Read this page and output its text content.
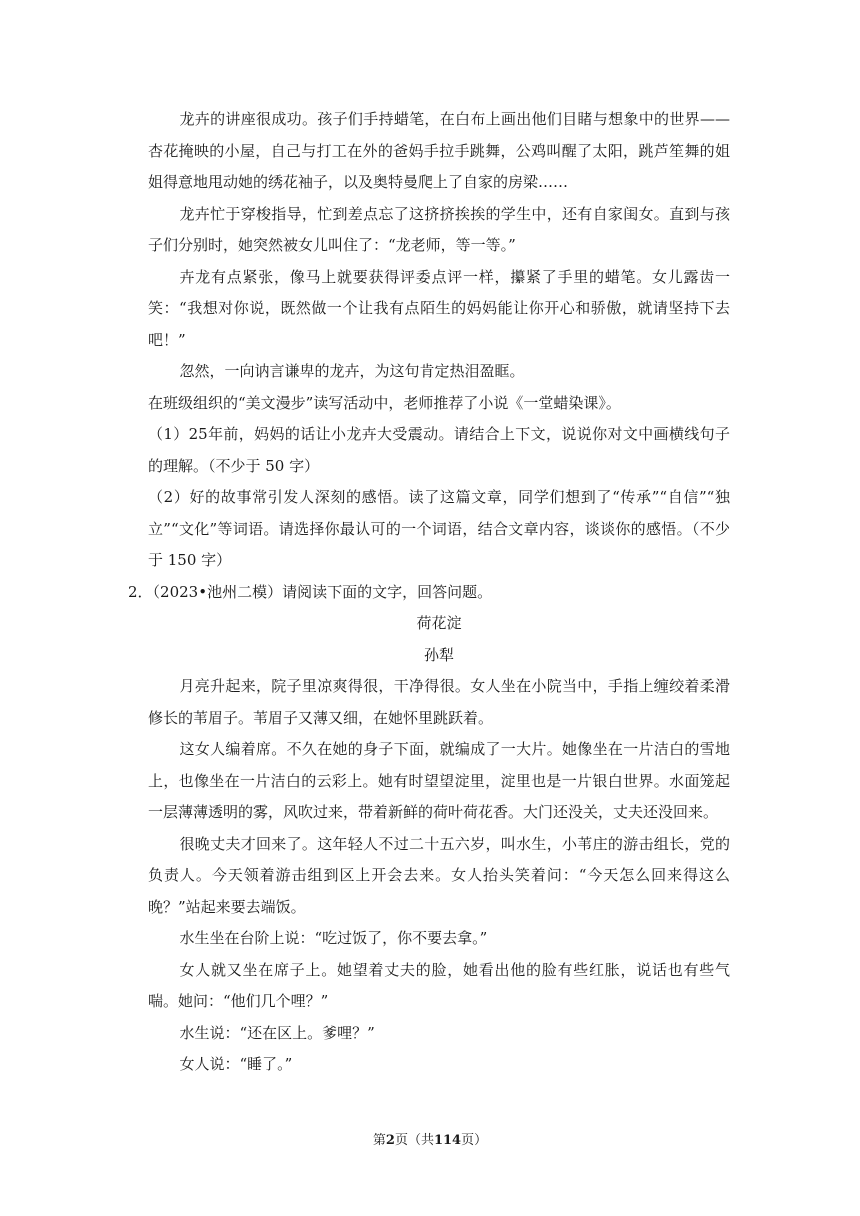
龙卉的讲座很成功。孩子们手持蜡笔，在白布上画出他们目睹与想象中的世界——杏花掩映的小屋，自己与打工在外的爸妈手拉手跳舞，公鸡叫醒了太阳，跳芦笙舞的姐姐得意地甩动她的绣花袖子，以及奥特曼爬上了自家的房梁……

龙卉忙于穿梭指导，忙到差点忘了这挤挤挨挨的学生中，还有自家闺女。直到与孩子们分别时，她突然被女儿叫住了：“龙老师，等一等。”

卉龙有点紧张，像马上就要获得评委点评一样，攥紧了手里的蜡笔。女儿露齿一笑：“我想对你说，既然做一个让我有点陌生的妈妈能让你开心和骄傲，就请坚持下去吧！”

忽然，一向讷言谦卑的龙卉，为这句肯定热泪盈眶。

在班级组织的“美文漫步”读写活动中，老师推荐了小说《一堂蜡染课》。

（1）25年前，妈妈的话让小龙卉大受震动。请结合上下文，说说你对文中画横线句子的理解。（不少于 50 字）

（2）好的故事常引发人深刻的感悟。读了这篇文章，同学们想到了“传承”“自信”“独立”“文化”等词语。请选择你最认可的一个词语，结合文章内容，谈谈你的感悟。（不少于 150 字）

2．（2023•池州二模）请阅读下面的文字，回答问题。

荷花淀

孙犁

月亮升起来，院子里凉爽得很，干净得很。女人坐在小院当中，手指上缠绞着柔滑修长的苇眉子。苇眉子又薄又细，在她怀里跳跃着。

这女人编着席。不久在她的身子下面，就编成了一大片。她像坐在一片洁白的雪地上，也像坐在一片洁白的云彩上。她有时望望淀里，淀里也是一片银白世界。水面笼起一层薄薄透明的雾，风吹过来，带着新鲜的荷叶荷花香。大门还没关，丈夫还没回来。

很晚丈夫才回来了。这年轻人不过二十五六岁，叫水生，小苇庄的游击组长，党的负责人。今天领着游击组到区上开会去来。女人抬头笑着问：“今天怎么回来得这么晚？”站起来要去端饭。

水生坐在台阶上说：“吃过饭了，你不要去拿。”

女人就又坐在席子上。她望着丈夫的脸，她看出他的脸有些红胀，说话也有些气喘。她问：“他们几个哩？”

水生说：“还在区上。爹哩？”

女人说：“睡了。”

第2页（共114页）
